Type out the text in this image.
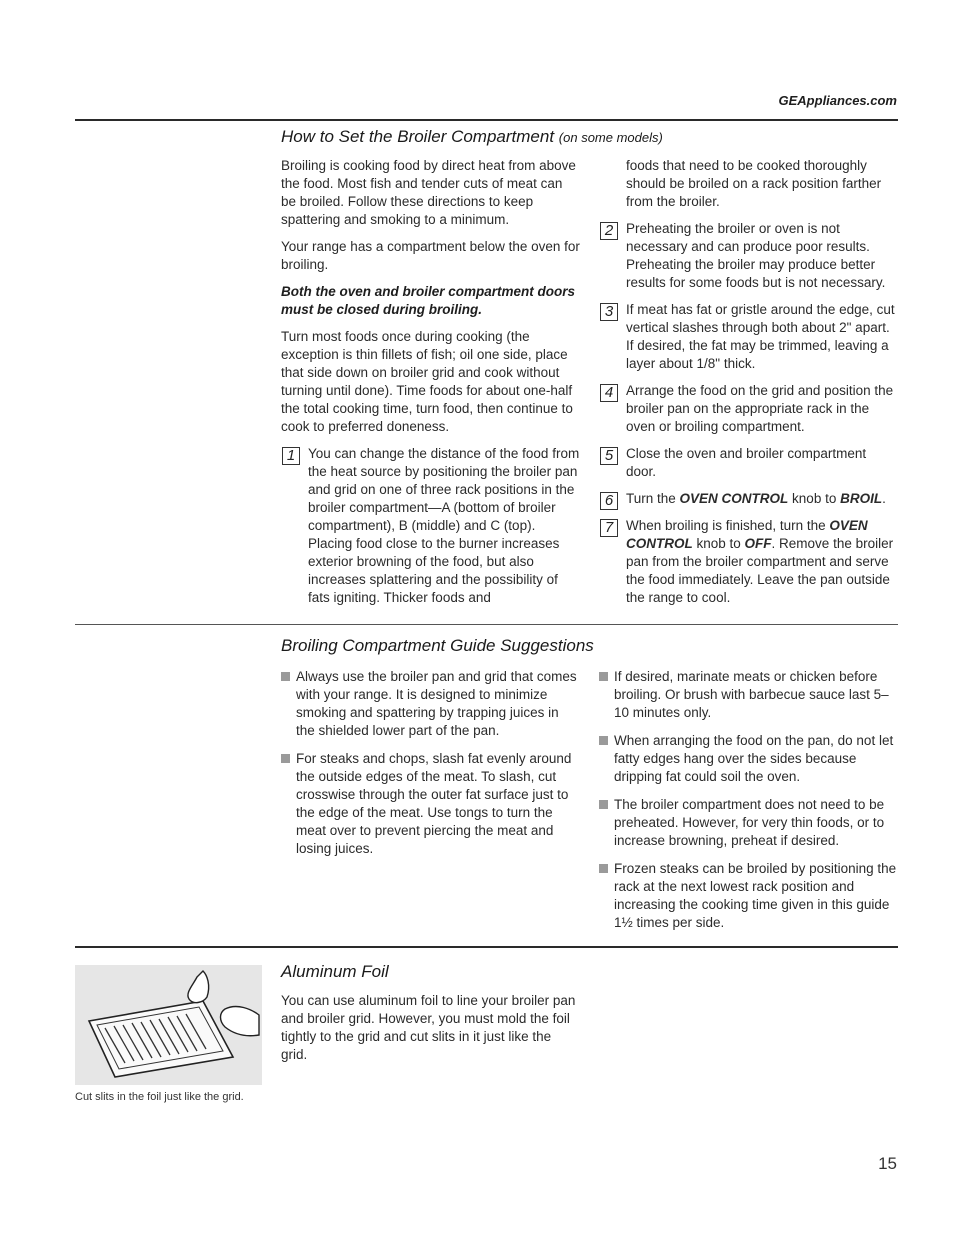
GEAppliances.com
How to Set the Broiler Compartment (on some models)

Broiling is cooking food by direct heat from above the food. Most fish and tender cuts of meat can be broiled. Follow these directions to keep spattering and smoking to a minimum.

Your range has a compartment below the oven for broiling.

Both the oven and broiler compartment doors must be closed during broiling.

Turn most foods once during cooking (the exception is thin fillets of fish; oil one side, place that side down on broiler grid and cook without turning until done). Time foods for about one-half the total cooking time, turn food, then continue to cook to preferred doneness.

1 You can change the distance of the food from the heat source by positioning the broiler pan and grid on one of three rack positions in the broiler compartment—A (bottom of broiler compartment), B (middle) and C (top). Placing food close to the burner increases exterior browning of the food, but also increases splattering and the possibility of fats igniting. Thicker foods and
foods that need to be cooked thoroughly should be broiled on a rack position farther from the broiler.
2 Preheating the broiler or oven is not necessary and can produce poor results. Preheating the broiler may produce better results for some foods but is not necessary.
3 If meat has fat or gristle around the edge, cut vertical slashes through both about 2" apart. If desired, the fat may be trimmed, leaving a layer about 1/8" thick.
4 Arrange the food on the grid and position the broiler pan on the appropriate rack in the oven or broiling compartment.
5 Close the oven and broiler compartment door.
6 Turn the OVEN CONTROL knob to BROIL.
7 When broiling is finished, turn the OVEN CONTROL knob to OFF. Remove the broiler pan from the broiler compartment and serve the food immediately. Leave the pan outside the range to cool.
Broiling Compartment Guide Suggestions
Always use the broiler pan and grid that comes with your range. It is designed to minimize smoking and spattering by trapping juices in the shielded lower part of the pan.
For steaks and chops, slash fat evenly around the outside edges of the meat. To slash, cut crosswise through the outer fat surface just to the edge of the meat. Use tongs to turn the meat over to prevent piercing the meat and losing juices.
If desired, marinate meats or chicken before broiling. Or brush with barbecue sauce last 5–10 minutes only.
When arranging the food on the pan, do not let fatty edges hang over the sides because dripping fat could soil the oven.
The broiler compartment does not need to be preheated. However, for very thin foods, or to increase browning, preheat if desired.
Frozen steaks can be broiled by positioning the rack at the next lowest rack position and increasing the cooking time given in this guide 1½ times per side.
Cut slits in the foil just like the grid.
Aluminum Foil

You can use aluminum foil to line your broiler pan and broiler grid. However, you must mold the foil tightly to the grid and cut slits in it just like the grid.

15
